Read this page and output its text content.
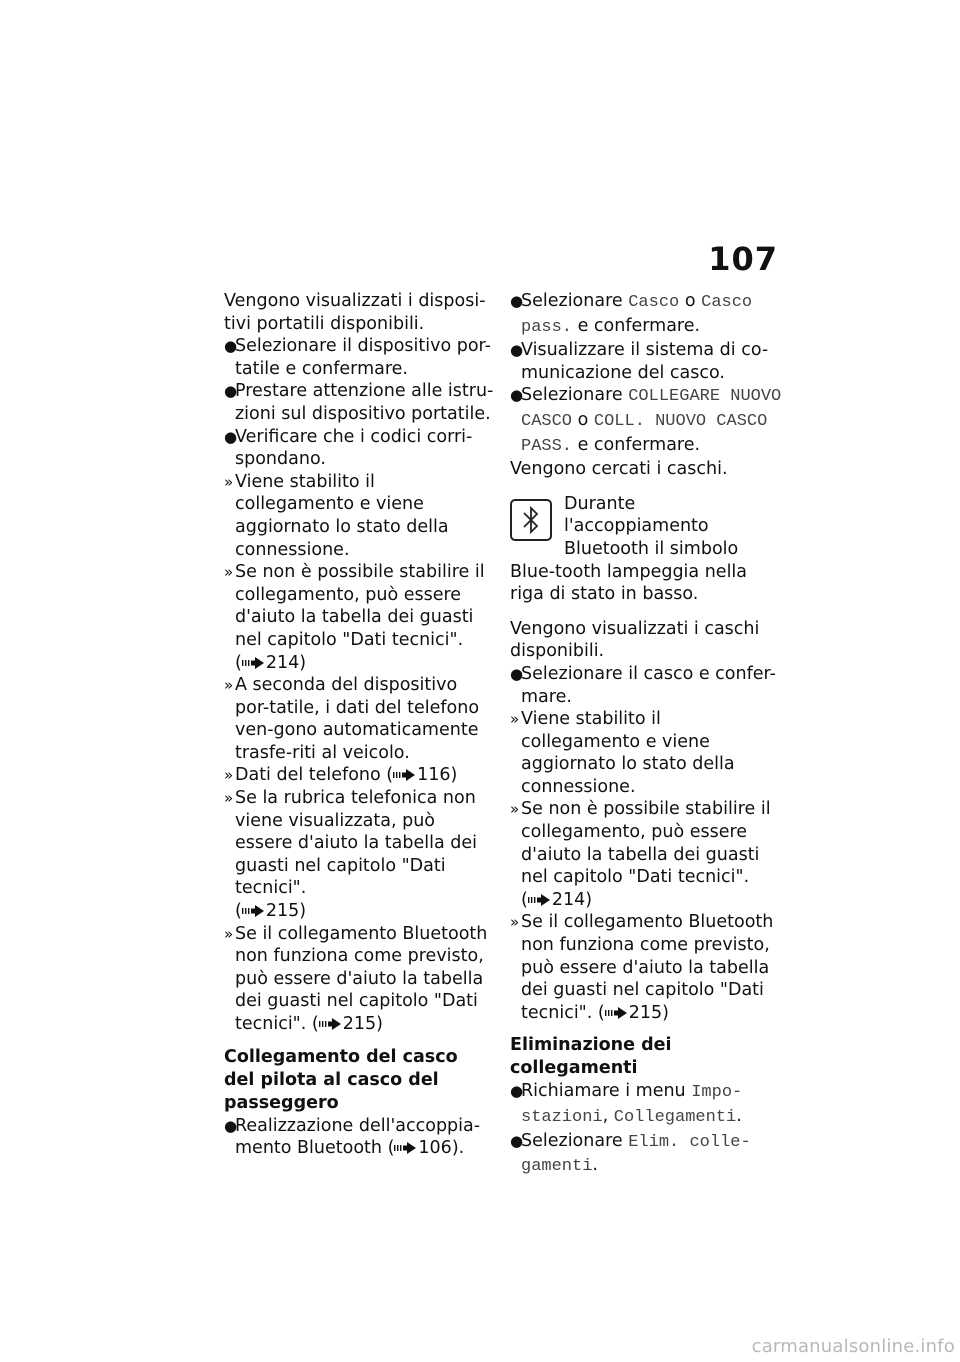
107

Vengono visualizzati i disposi-tivi portatili disponibili.

●
Selezionare il dispositivo por-tatile e confermare.

●
Prestare attenzione alle istru-zioni sul dispositivo portatile.

●
Verificare che i codici corri-spondano.

» Viene stabilito il collegamento e viene aggiornato lo stato della connessione.

» Se non è possibile stabilire il collegamento, può essere d'aiuto la tabella dei guasti nel capitolo "Dati tecnici".
( 214)

» A seconda del dispositivo por-tatile, i dati del telefono ven-gono automaticamente trasfe-riti al veicolo.

» Dati del telefono ( 116)

» Se la rubrica telefonica non viene visualizzata, può essere d'aiuto la tabella dei guasti nel capitolo "Dati tecnici".
( 215)

» Se il collegamento Bluetooth non funziona come previsto, può essere d'aiuto la tabella dei guasti nel capitolo "Dati tecnici". ( 215)

Collegamento del casco del pilota al casco del passeggero

●
Realizzazione dell'accoppia-mento Bluetooth ( 106).

●
Selezionare Casco o Casco pass. e confermare.

●
Visualizzare il sistema di co-municazione del casco.

●
Selezionare COLLEGARE NUOVO CASCO o COLL. NUOVO CASCO PASS. e confermare.

Vengono cercati i caschi.

Durante l'accoppiamento Bluetooth il simbolo Blue-tooth lampeggia nella riga di stato in basso.

Vengono visualizzati i caschi disponibili.

●
Selezionare il casco e confer-mare.

» Viene stabilito il collegamento e viene aggiornato lo stato della connessione.

» Se non è possibile stabilire il collegamento, può essere d'aiuto la tabella dei guasti nel capitolo "Dati tecnici".
( 214)

» Se il collegamento Bluetooth non funziona come previsto, può essere d'aiuto la tabella dei guasti nel capitolo "Dati tecnici". ( 215)

Eliminazione dei collegamenti

●
Richiamare i menu Impo-stazioni, Collegamenti.

●
Selezionare Elim. colle-gamenti.

carmanualsonline.info
